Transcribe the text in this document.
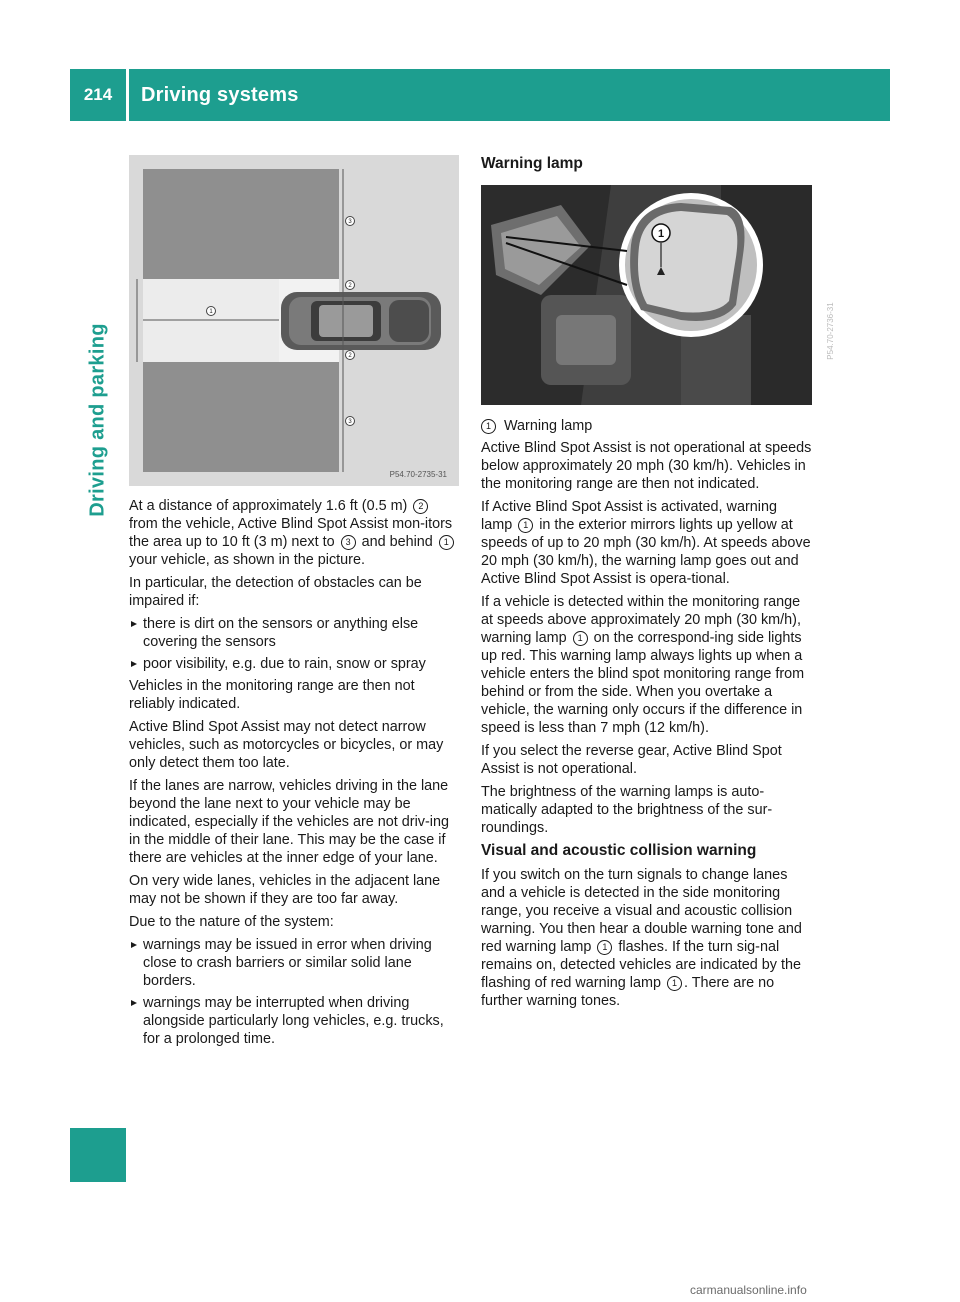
214	Driving systems
Driving and parking
3
2
2
3
1
P54.70-2735-31

At a distance of approximately 1.6 ft (0.5 m) 2 from the vehicle, Active Blind Spot Assist mon-itors the area up to 10 ft (3 m) next to 3 and behind 1 your vehicle, as shown in the picture.

In particular, the detection of obstacles can be impaired if:

there is dirt on the sensors or anything else covering the sensors
poor visibility, e.g. due to rain, snow or spray

Vehicles in the monitoring range are then not reliably indicated.

Active Blind Spot Assist may not detect narrow vehicles, such as motorcycles or bicycles, or may only detect them too late.

If the lanes are narrow, vehicles driving in the lane beyond the lane next to your vehicle may be indicated, especially if the vehicles are not driv-ing in the middle of their lane. This may be the case if there are vehicles at the inner edge of your lane.

On very wide lanes, vehicles in the adjacent lane may not be shown if they are too far away.

Due to the nature of the system:

warnings may be issued in error when driving close to crash barriers or similar solid lane borders.
warnings may be interrupted when driving alongside particularly long vehicles, e.g. trucks, for a prolonged time.
Warning lamp
1
P54.70-2736-31
1 Warning lamp

Active Blind Spot Assist is not operational at speeds below approximately 20 mph (30 km/h). Vehicles in the monitoring range are then not indicated.

If Active Blind Spot Assist is activated, warning lamp 1 in the exterior mirrors lights up yellow at speeds of up to 20 mph (30 km/h). At speeds above 20 mph (30 km/h), the warning lamp goes out and Active Blind Spot Assist is opera-tional.

If a vehicle is detected within the monitoring range at speeds above approximately 20 mph (30 km/h), warning lamp 1 on the correspond-ing side lights up red. This warning lamp always lights up when a vehicle enters the blind spot monitoring range from behind or from the side. When you overtake a vehicle, the warning only occurs if the difference in speed is less than 7 mph (12 km/h).

If you select the reverse gear, Active Blind Spot Assist is not operational.

The brightness of the warning lamps is auto-matically adapted to the brightness of the sur-roundings.

Visual and acoustic collision warning

If you switch on the turn signals to change lanes and a vehicle is detected in the side monitoring range, you receive a visual and acoustic collision warning. You then hear a double warning tone and red warning lamp 1 flashes. If the turn sig-nal remains on, detected vehicles are indicated by the flashing of red warning lamp 1 . There are no further warning tones.

carmanualsonline.info
